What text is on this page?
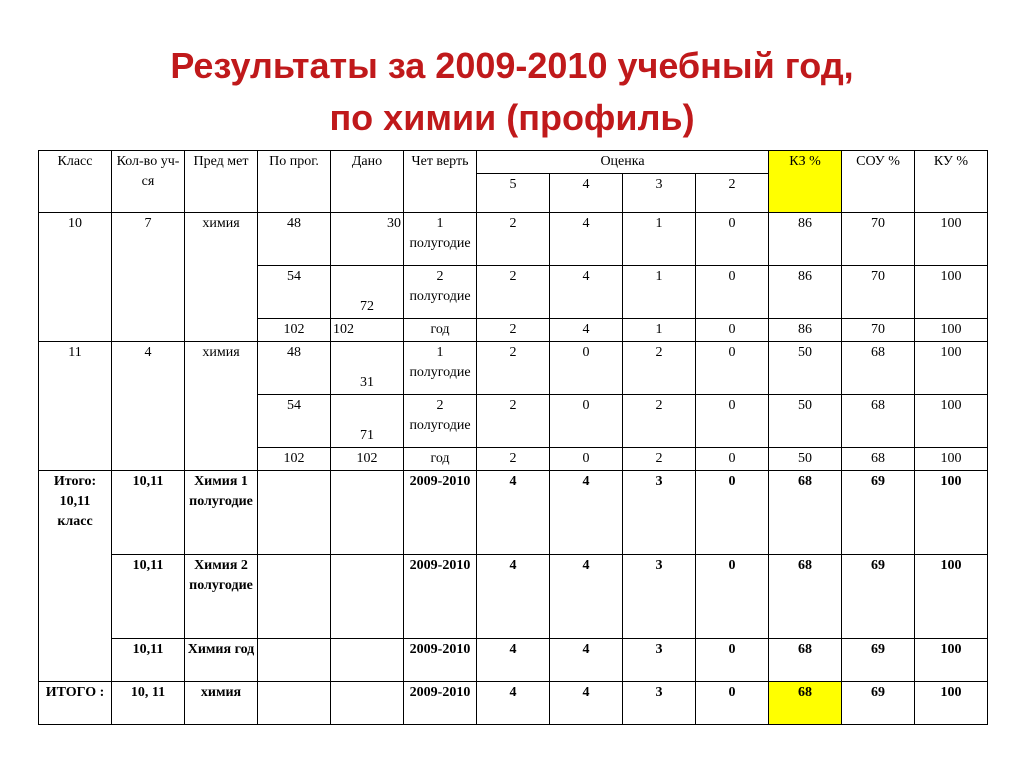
Результаты за 2009-2010 учебный год,
по химии (профиль)
Класс	Кол-во уч-ся	Пред мет	По прог.	Дано	Чет верть	Оценка				КЗ %	СОУ %	КУ %
						5	4	3	2			
10	7	химия	48	30	1 полугодие	2	4	1	0	86	70	100
			54	72	2 полугодие	2	4	1	0	86	70	100
			102	102	год	2	4	1	0	86	70	100
11	4	химия	48	31	1 полугодие	2	0	2	0	50	68	100
			54	71	2 полугодие	2	0	2	0	50	68	100
			102	102	год	2	0	2	0	50	68	100
Итого: 10,11 класс	10,11	Химия 1 полугодие			2009-2010	4	4	3	0	68	69	100
	10,11	Химия 2 полугодие			2009-2010	4	4	3	0	68	69	100
	10,11	Химия год			2009-2010	4	4	3	0	68	69	100
ИТОГО :	10, 11	химия			2009-2010	4	4	3	0	68	69	100
